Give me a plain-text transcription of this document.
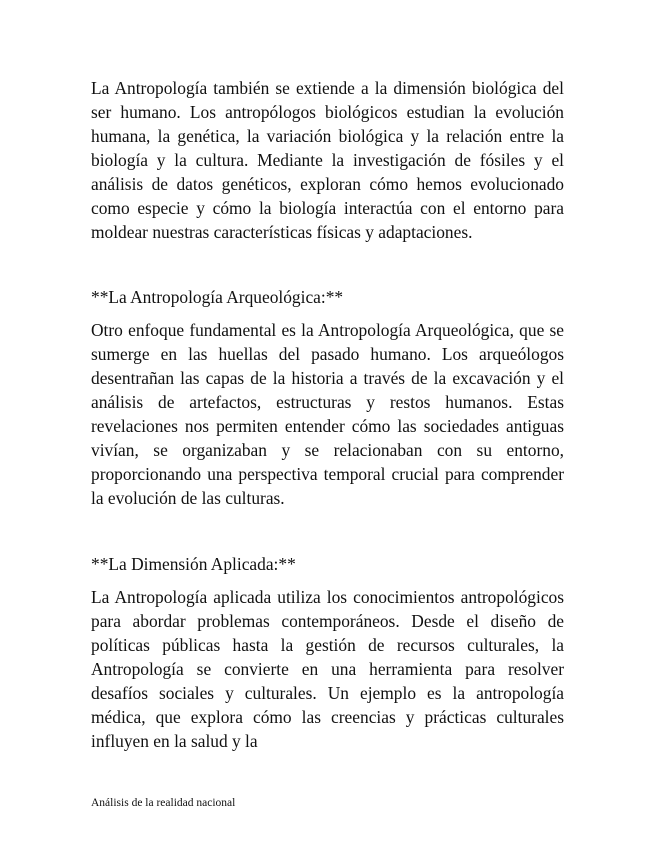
La Antropología también se extiende a la dimensión biológica del ser humano. Los antropólogos biológicos estudian la evolución humana, la genética, la variación biológica y la relación entre la biología y la cultura. Mediante la investigación de fósiles y el análisis de datos genéticos, exploran cómo hemos evolucionado como especie y cómo la biología interactúa con el entorno para moldear nuestras características físicas y adaptaciones.

**La Antropología Arqueológica:**

Otro enfoque fundamental es la Antropología Arqueológica, que se sumerge en las huellas del pasado humano. Los arqueólogos desentrañan las capas de la historia a través de la excavación y el análisis de artefactos, estructuras y restos humanos. Estas revelaciones nos permiten entender cómo las sociedades antiguas vivían, se organizaban y se relacionaban con su entorno, proporcionando una perspectiva temporal crucial para comprender la evolución de las culturas.

**La Dimensión Aplicada:**

La Antropología aplicada utiliza los conocimientos antropológicos para abordar problemas contemporáneos. Desde el diseño de políticas públicas hasta la gestión de recursos culturales, la Antropología se convierte en una herramienta para resolver desafíos sociales y culturales. Un ejemplo es la antropología médica, que explora cómo las creencias y prácticas culturales influyen en la salud y la

Análisis de la realidad nacional
